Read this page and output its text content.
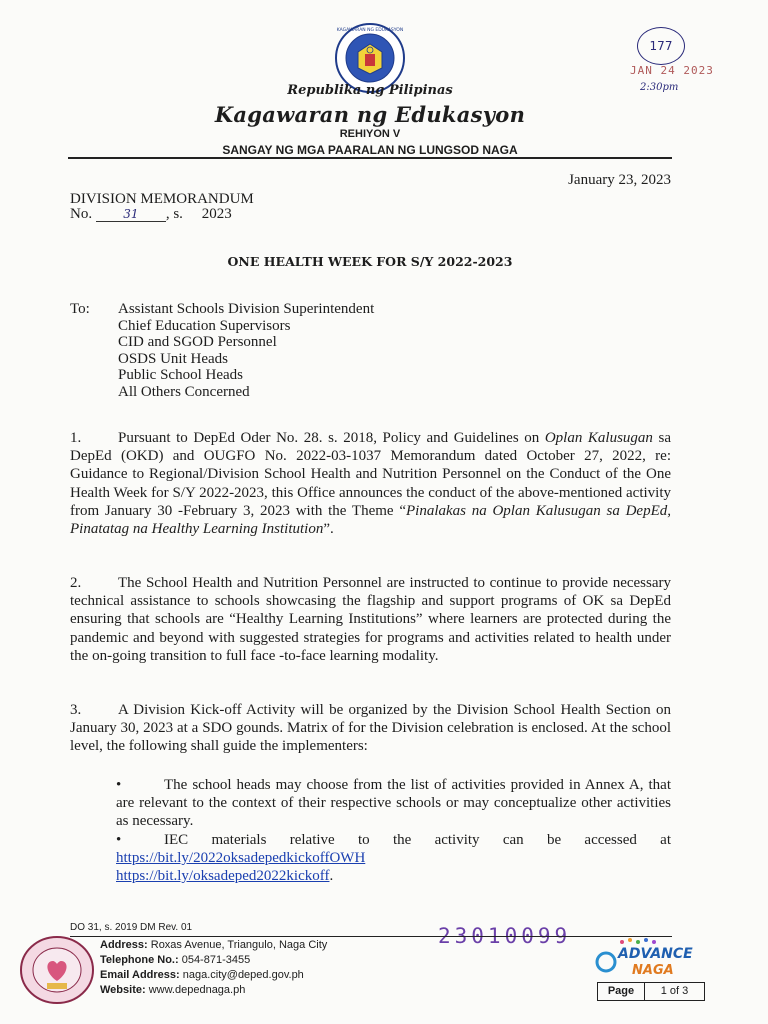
KAGAWARAN NG EDUKASYON
Republika ng Pilipinas
Kagawaran ng Edukasyon
REHIYON V
SANGAY NG MGA PAARALAN NG LUNGSOD NAGA
177
JAN 24 2023
2:30pm
January 23, 2023
DIVISION MEMORANDUM
No.	31 , s. 2023
ONE HEALTH WEEK FOR S/Y 2022-2023
To: Assistant Schools Division Superintendent
Chief Education Supervisors
CID and SGOD Personnel
OSDS Unit Heads
Public School Heads
All Others Concerned
1. Pursuant to DepEd Oder No. 28. s. 2018, Policy and Guidelines on Oplan Kalusugan sa DepEd (OKD) and OUGFO No. 2022-03-1037 Memorandum dated October 27, 2022, re: Guidance to Regional/Division School Health and Nutrition Personnel on the Conduct of the One Health Week for S/Y 2022-2023, this Office announces the conduct of the above-mentioned activity from January 30 -February 3, 2023 with the Theme “Pinalakas na Oplan Kalusugan sa DepEd, Pinatatag na Healthy Learning Institution”.
2. The School Health and Nutrition Personnel are instructed to continue to provide necessary technical assistance to schools showcasing the flagship and support programs of OK sa DepEd ensuring that schools are “Healthy Learning Institutions” where learners are protected during the pandemic and beyond with suggested strategies for programs and activities related to health under the on-going transition to full face -to-face learning modality.
3. A Division Kick-off Activity will be organized by the Division School Health Section on January 30, 2023 at a SDO gounds. Matrix of for the Division celebration is enclosed. At the school level, the following shall guide the implementers:
•	The school heads may choose from the list of activities provided in Annex A, that are relevant to the context of their respective schools or may conceptualize other activities as necessary.
•	IEC materials relative to the activity can be accessed at
https://bit.ly/2022oksadepedkickoffOWH
https://bit.ly/oksadeped2022kickoff.
DO 31, s. 2019 DM Rev. 01	23010099
Address: Roxas Avenue, Triangulo, Naga City
Telephone No.: 054-871-3455
Email Address: naga.city@deped.gov.ph
Website: www.depednaga.ph
ADVANCE
NAGA
Page	1 of 3
